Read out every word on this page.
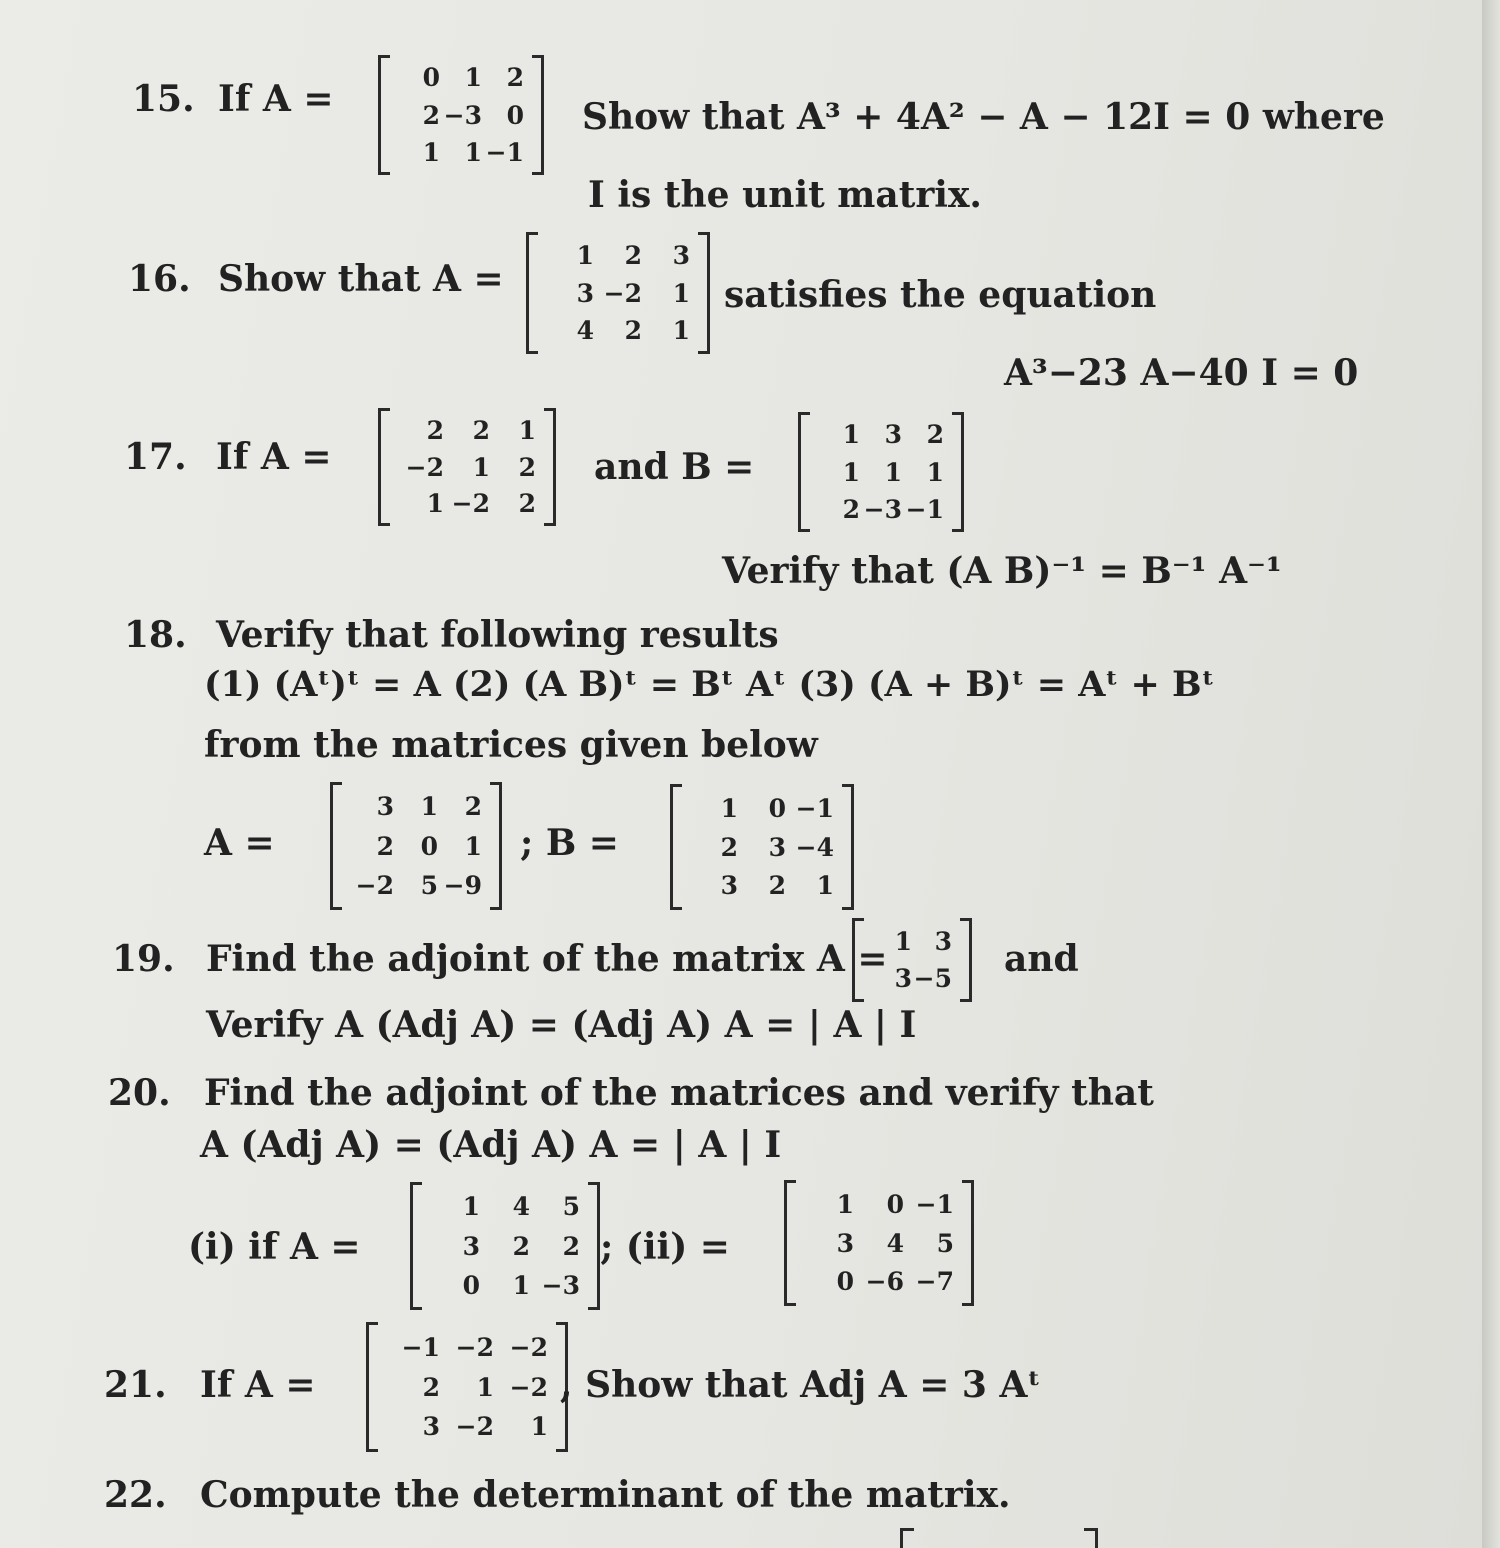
15. If A =
0 1 2
2 −3 0
1 1 −1
Show that A³ + 4A² − A − 12I = 0 where
I is the unit matrix.
16. Show that A =
1	2	3
3 −2	1
4	2	1
satisfies the equation
A³−23 A−40 I = 0
17. If A =
2	2	1
−2	1	2
1 −2	2
and B =
1 3 2
1 1 1
2 −3 −1
Verify that (A B)⁻¹ = B⁻¹ A⁻¹
18. Verify that following results
(1) (Aᵗ)ᵗ = A (2) (A B)ᵗ = Bᵗ Aᵗ (3) (A + B)ᵗ = Aᵗ + Bᵗ
from the matrices given below
A =
3	1	2
2	0	1
−2	5 −9
; B =
1	0 −1
2	3 −4
3	2	1
19. Find the adjoint of the matrix A = 1 3
3 −5 and
Verify A (Adj A) = (Adj A) A = | A | I
20. Find the adjoint of the matrices and verify that
A (Adj A) = (Adj A) A = | A | I
(i) if A =
1	4	5
3	2	2
0	1 −3
; (ii) =
1	0 −1
3	4	5
0 −6 −7
21. If A =
−1 −2 −2
2	1 −2
3 −2	1
, Show that Adj A = 3 Aᵗ
22. Compute the determinant of the matrix.
